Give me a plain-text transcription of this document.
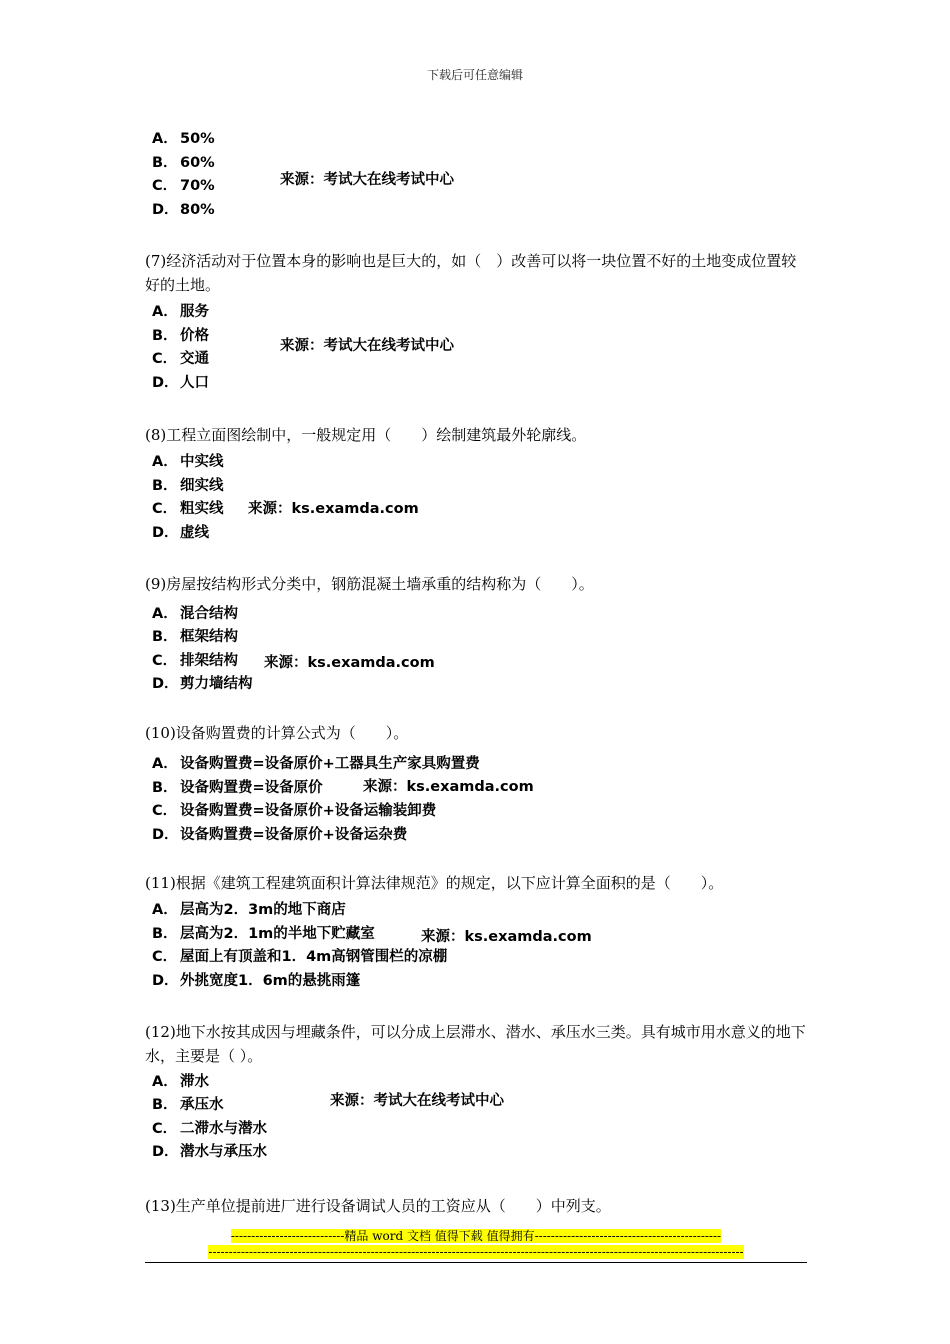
下载后可任意编辑
A． 50%
B． 60%
C． 70%
D．80%
来源：考试大在线考试中心
(7)经济活动对于位置本身的影响也是巨大的，如（　）改善可以将一块位置不好的土地变成位置较好的土地。
A． 服务
B． 价格
C． 交通
D．人口
来源：考试大在线考试中心
(8)工程立面图绘制中，一般规定用（　　）绘制建筑最外轮廓线。
A． 中实线
B． 细实线
C． 粗实线
D．虚线
来源：ks.examda.com
(9)房屋按结构形式分类中，钢筋混凝土墙承重的结构称为（　　）。
A． 混合结构
B． 框架结构
C． 排架结构
D．剪力墙结构
来源：ks.examda.com
(10)设备购置费的计算公式为（　　）。
A． 设备购置费=设备原价+工器具生产家具购置费
B． 设备购置费=设备原价
C． 设备购置费=设备原价+设备运输装卸费
D．设备购置费=设备原价+设备运杂费
来源：ks.examda.com
(11)根据《建筑工程建筑面积计算法律规范》的规定，以下应计算全面积的是（　　）。
A． 层高为2．3m的地下商店
B． 层高为2．1m的半地下贮藏室
C． 屋面上有顶盖和1．4m高钢管围栏的凉棚
D．外挑宽度1．6m的悬挑雨篷
来源：ks.examda.com
(12)地下水按其成因与埋藏条件，可以分成上层滞水、潜水、承压水三类。具有城市用水意义的地下水，主要是（ ）。
A． 滞水
B． 承压水
C． 二滞水与潜水
D．潜水与承压水
来源：考试大在线考试中心
(13)生产单位提前进厂进行设备调试人员的工资应从（　　）中列支。
----------------------------精品 word 文档 值得下载 值得拥有----------------------------------------------
------------------------------------------------------------------------------------------------------------------------------------
